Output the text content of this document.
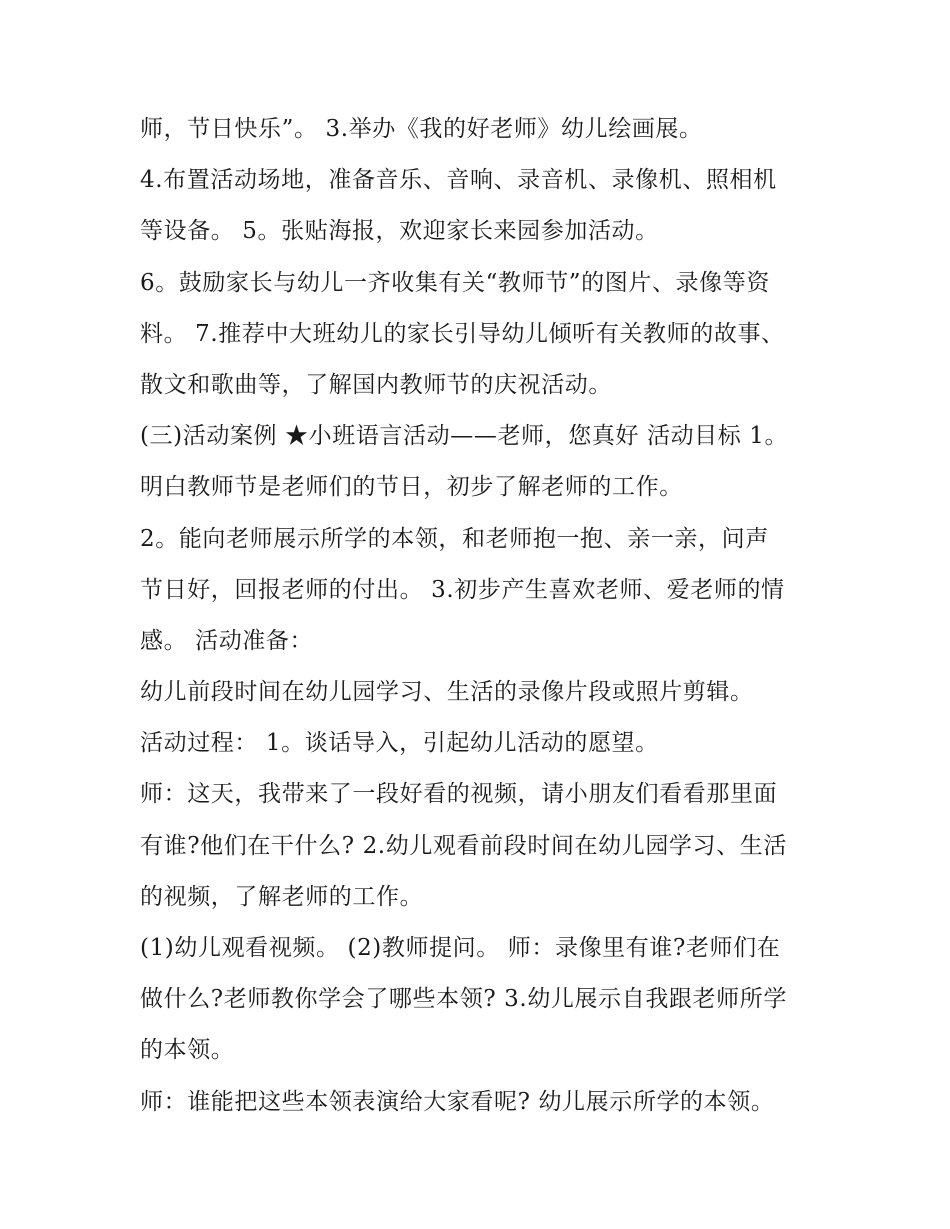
师，节日快乐”。 3.举办《我的好老师》幼儿绘画展。
4.布置活动场地，准备音乐、音响、录音机、录像机、照相机
等设备。 5。张贴海报，欢迎家长来园参加活动。
6。鼓励家长与幼儿一齐收集有关“教师节”的图片、录像等资
料。 7.推荐中大班幼儿的家长引导幼儿倾听有关教师的故事、
散文和歌曲等，了解国内教师节的庆祝活动。
(三)活动案例 ★小班语言活动——老师，您真好 活动目标 1。
明白教师节是老师们的节日，初步了解老师的工作。
2。能向老师展示所学的本领，和老师抱一抱、亲一亲，问声
节日好，回报老师的付出。 3.初步产生喜欢老师、爱老师的情
感。 活动准备：
幼儿前段时间在幼儿园学习、生活的录像片段或照片剪辑。
活动过程： 1。谈话导入，引起幼儿活动的愿望。
师：这天，我带来了一段好看的视频，请小朋友们看看那里面
有谁?他们在干什么? 2.幼儿观看前段时间在幼儿园学习、生活
的视频，了解老师的工作。
(1)幼儿观看视频。 (2)教师提问。 师：录像里有谁?老师们在
做什么?老师教你学会了哪些本领? 3.幼儿展示自我跟老师所学
的本领。
师：谁能把这些本领表演给大家看呢? 幼儿展示所学的本领。
